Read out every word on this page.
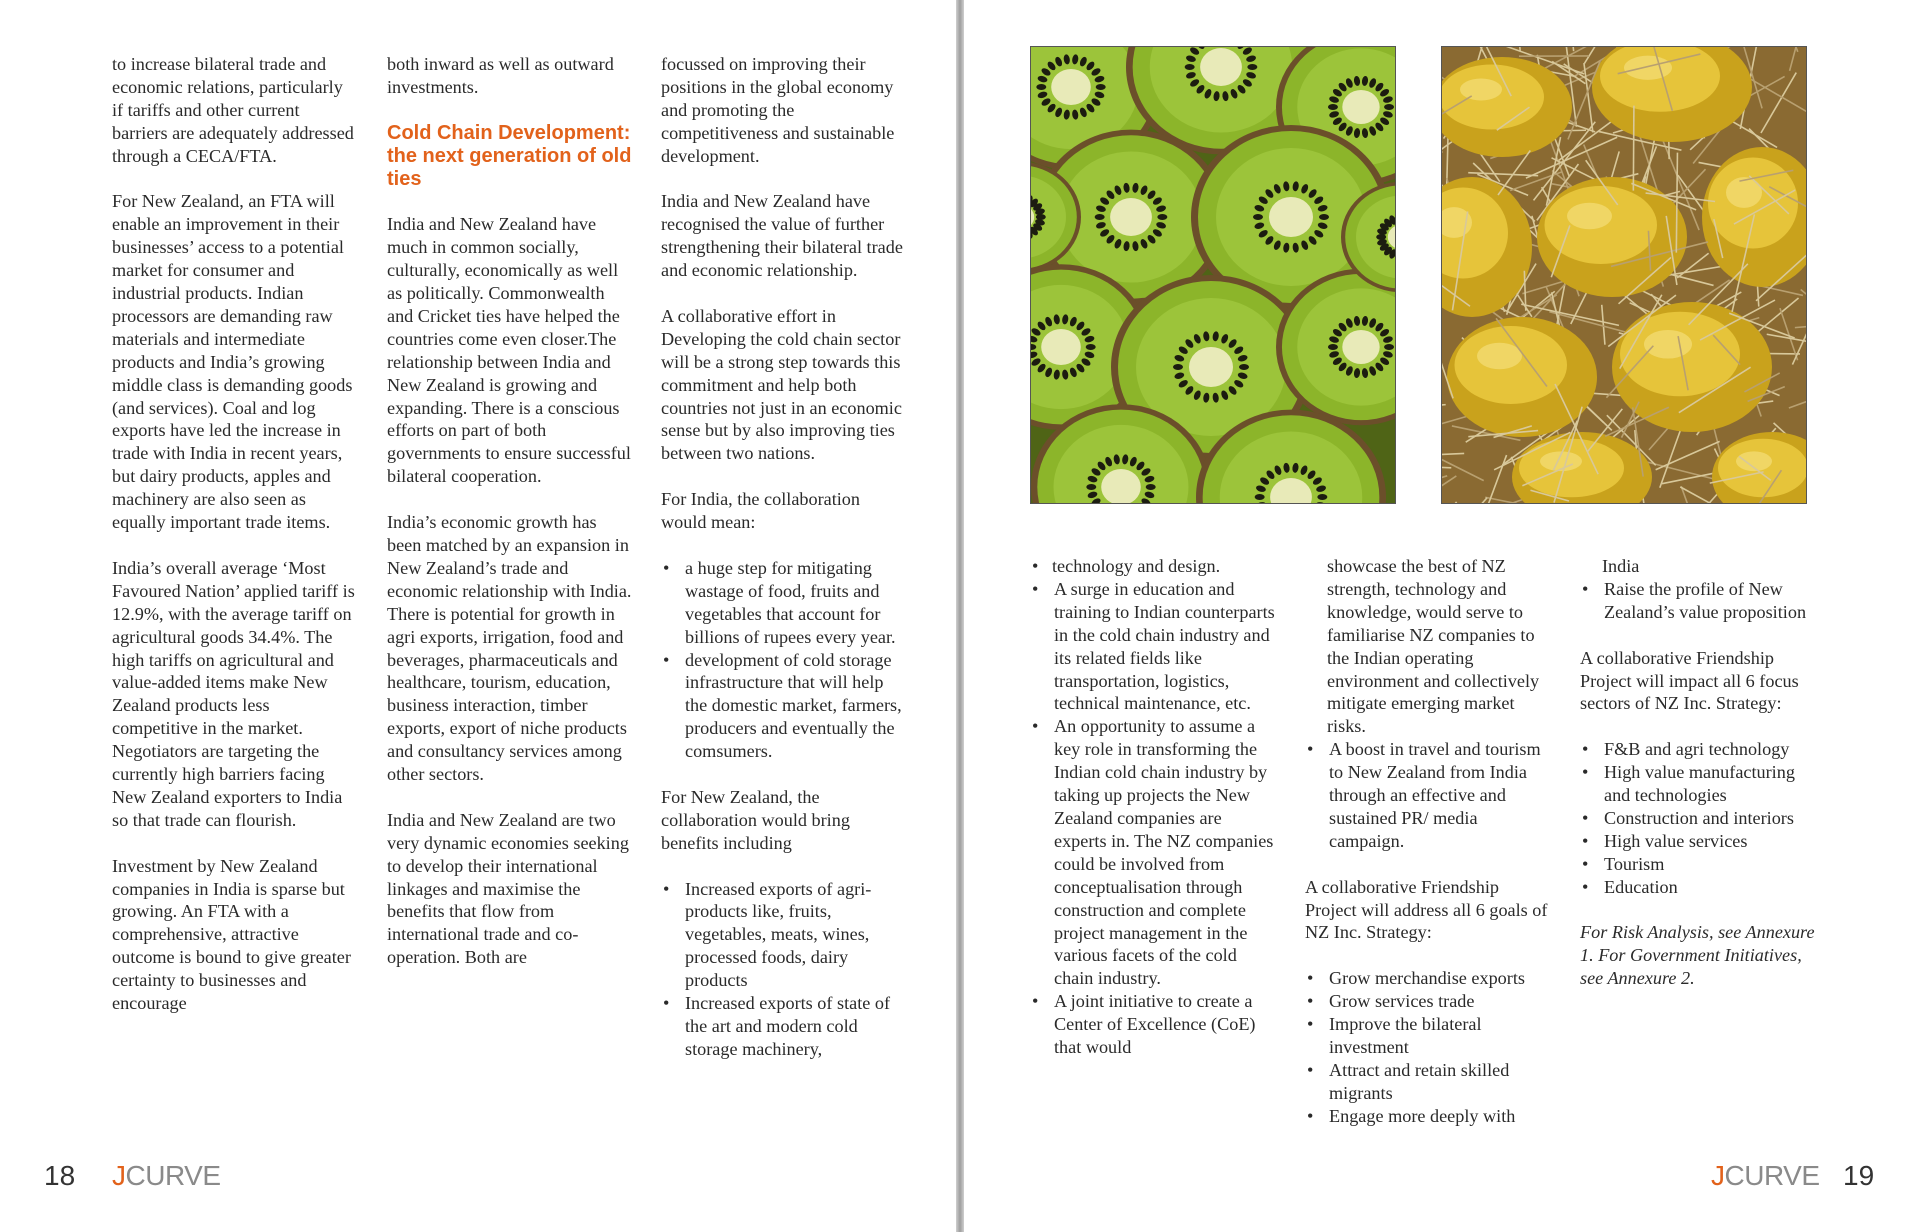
to increase bilateral trade and economic relations, particularly if tariffs and other current barriers are adequately addressed through a CECA/FTA.

For New Zealand, an FTA will enable an improvement in their businesses’ access to a potential market for consumer and industrial products. Indian processors are demanding raw materials and intermediate products and India’s growing middle class is demanding goods (and services). Coal and log exports have led the increase in trade with India in recent years, but dairy products, apples and machinery are also seen as equally important trade items.

India’s overall average ‘Most Favoured Nation’ applied tariff is 12.9%, with the average tariff on agricultural goods 34.4%. The high tariffs on agricultural and value-added items make New Zealand products less competitive in the market. Negotiators are targeting the currently high barriers facing New Zealand exporters to India so that trade can flourish.

Investment by New Zealand companies in India is sparse but growing. An FTA with a comprehensive, attractive outcome is bound to give greater certainty to businesses and encourage

both inward as well as outward investments.

Cold Chain Development: the next generation of old ties

India and New Zealand have much in common socially, culturally, economically as well as politically. Commonwealth and Cricket ties have helped the countries come even closer.The relationship between India and New Zealand is growing and expanding. There is a conscious efforts on part of both governments to ensure successful bilateral cooperation.

India’s economic growth has been matched by an expansion in New Zealand’s trade and economic relationship with India. There is potential for growth in agri exports, irrigation, food and beverages, pharmaceuticals and healthcare, tourism, education, business interaction, timber exports, export of niche products and consultancy services among other sectors.

India and New Zealand are two very dynamic economies seeking to develop their international linkages and maximise the benefits that flow from international trade and co-operation. Both are

focussed on improving their positions in the global economy and promoting the competitiveness and sustainable development.

India and New Zealand have recognised the value of further strengthening their bilateral trade and economic relationship.

A collaborative effort in Developing the cold chain sector will be a strong step towards this commitment and help both countries not just in an economic sense but by also improving ties between two nations.

For India, the collaboration would mean:

• a huge step for mitigating wastage of food, fruits and vegetables that account for billions of rupees every year.
• development of cold storage infrastructure that will help the domestic market, farmers, producers and eventually the comsumers.

For New Zealand, the collaboration would bring benefits including

• Increased exports of agri-products like, fruits, vegetables, meats, wines, processed foods, dairy products
• Increased exports of state of the art and modern cold storage machinery,
18 JCURVE
• technology and design.
• A surge in education and training to Indian counterparts in the cold chain industry and its related fields like transportation, logistics, technical maintenance, etc.
• An opportunity to assume a key role in transforming the Indian cold chain industry by taking up projects the New Zealand companies are experts in. The NZ companies could be involved from conceptualisation through construction and complete project management in the various facets of the cold chain industry.
• A joint initiative to create a Center of Excellence (CoE) that would

showcase the best of NZ strength, technology and knowledge, would serve to familiarise NZ companies to the Indian operating environment and collectively mitigate emerging market risks.

• A boost in travel and tourism to New Zealand from India through an effective and sustained PR/ media campaign.

A collaborative Friendship Project will address all 6 goals of NZ Inc. Strategy:

• Grow merchandise exports
• Grow services trade
• Improve the bilateral investment
• Attract and retain skilled migrants
• Engage more deeply with

India

• Raise the profile of New Zealand’s value proposition

A collaborative Friendship Project will impact all 6 focus sectors of NZ Inc. Strategy:

• F&B and agri technology
• High value manufacturing and technologies
• Construction and interiors
• High value services
• Tourism
• Education

For Risk Analysis, see Annexure 1. For Government Initiatives, see Annexure 2.

JCURVE 19
